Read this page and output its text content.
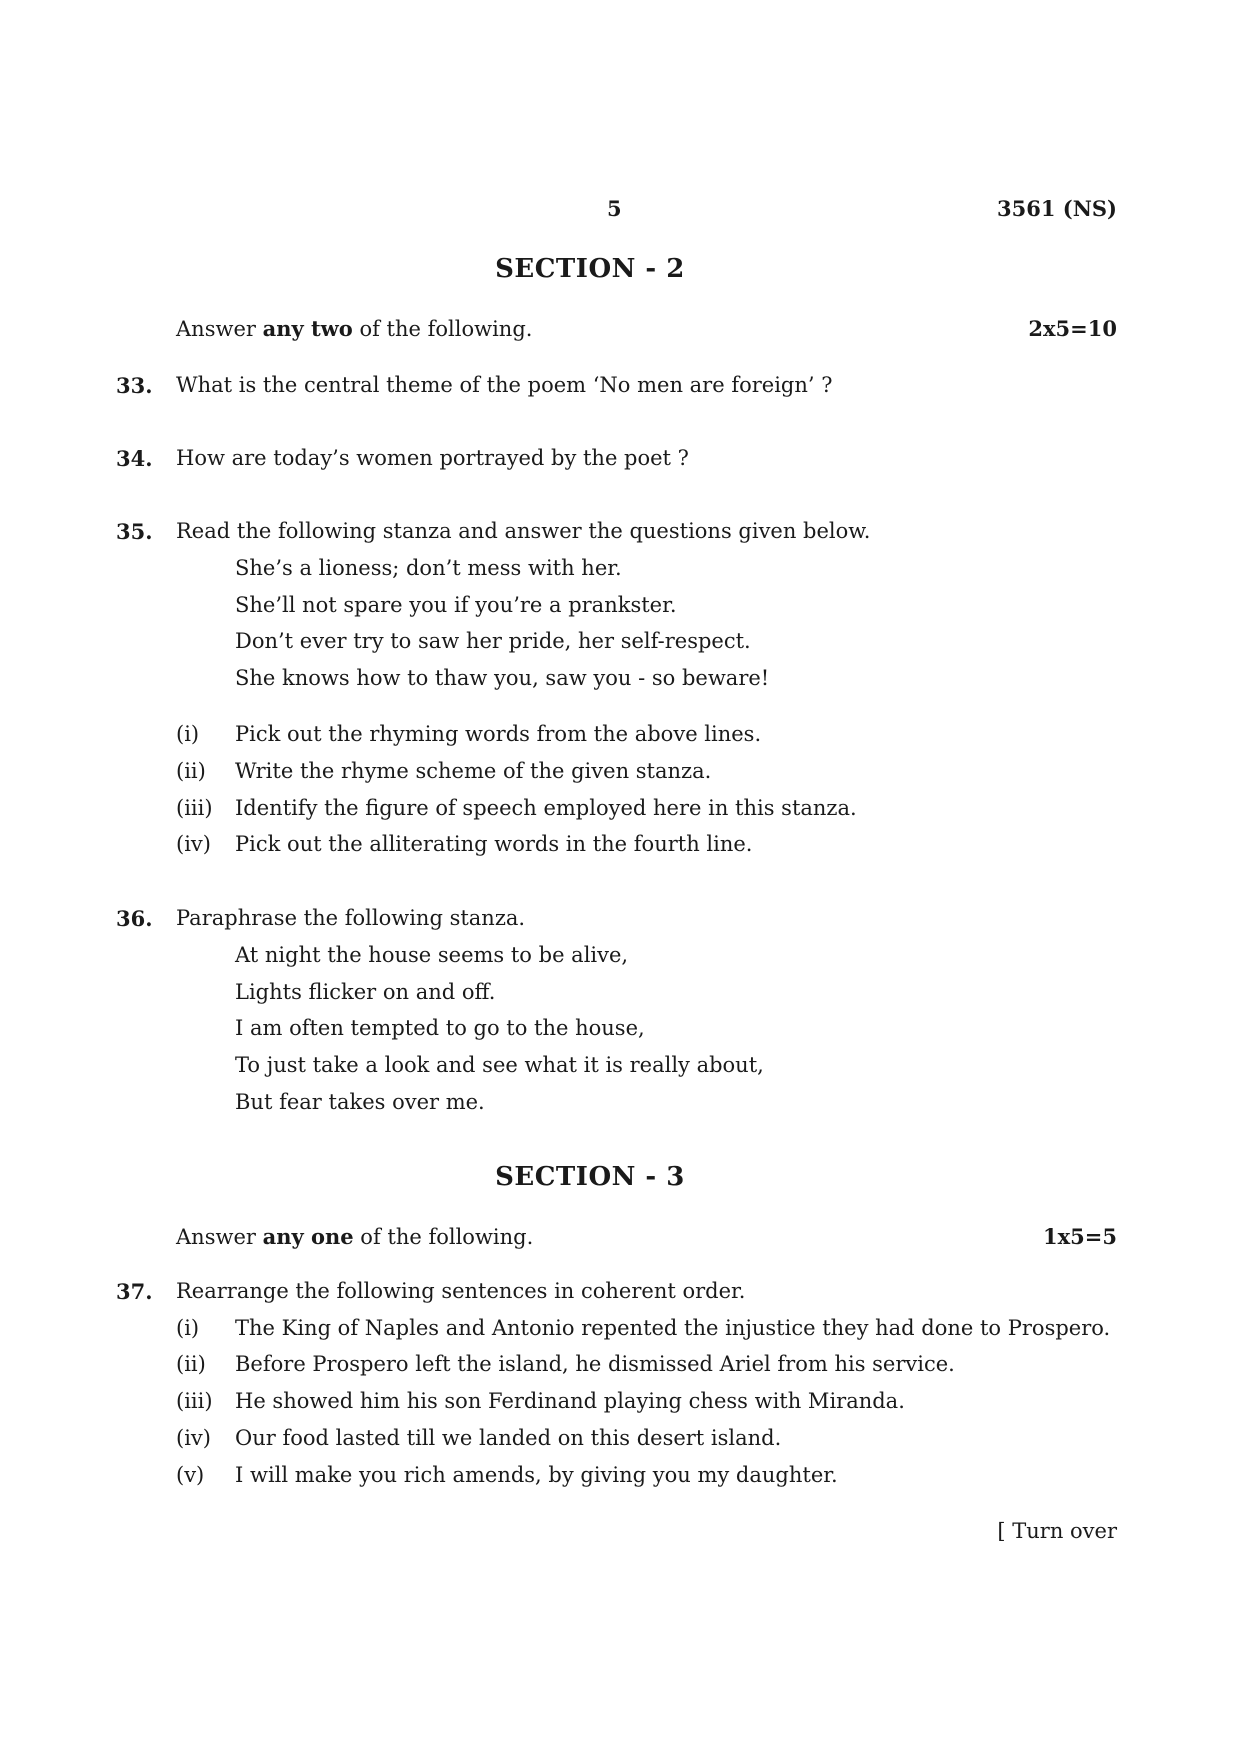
5	3561 (NS)
SECTION - 2
Answer any two of the following.	2x5=10
33. What is the central theme of the poem ‘No men are foreign’ ?
34. How are today’s women portrayed by the poet ?
35. Read the following stanza and answer the questions given below.
She’s a lioness; don’t mess with her.
She’ll not spare you if you’re a prankster.
Don’t ever try to saw her pride, her self-respect.
She knows how to thaw you, saw you - so beware!
(i) Pick out the rhyming words from the above lines.
(ii) Write the rhyme scheme of the given stanza.
(iii) Identify the figure of speech employed here in this stanza.
(iv) Pick out the alliterating words in the fourth line.
36. Paraphrase the following stanza.
At night the house seems to be alive,
Lights flicker on and off.
I am often tempted to go to the house,
To just take a look and see what it is really about,
But fear takes over me.
SECTION - 3
Answer any one of the following.	1x5=5
37. Rearrange the following sentences in coherent order.
(i) The King of Naples and Antonio repented the injustice they had done to Prospero.
(ii) Before Prospero left the island, he dismissed Ariel from his service.
(iii) He showed him his son Ferdinand playing chess with Miranda.
(iv) Our food lasted till we landed on this desert island.
(v) I will make you rich amends, by giving you my daughter.
[ Turn over
